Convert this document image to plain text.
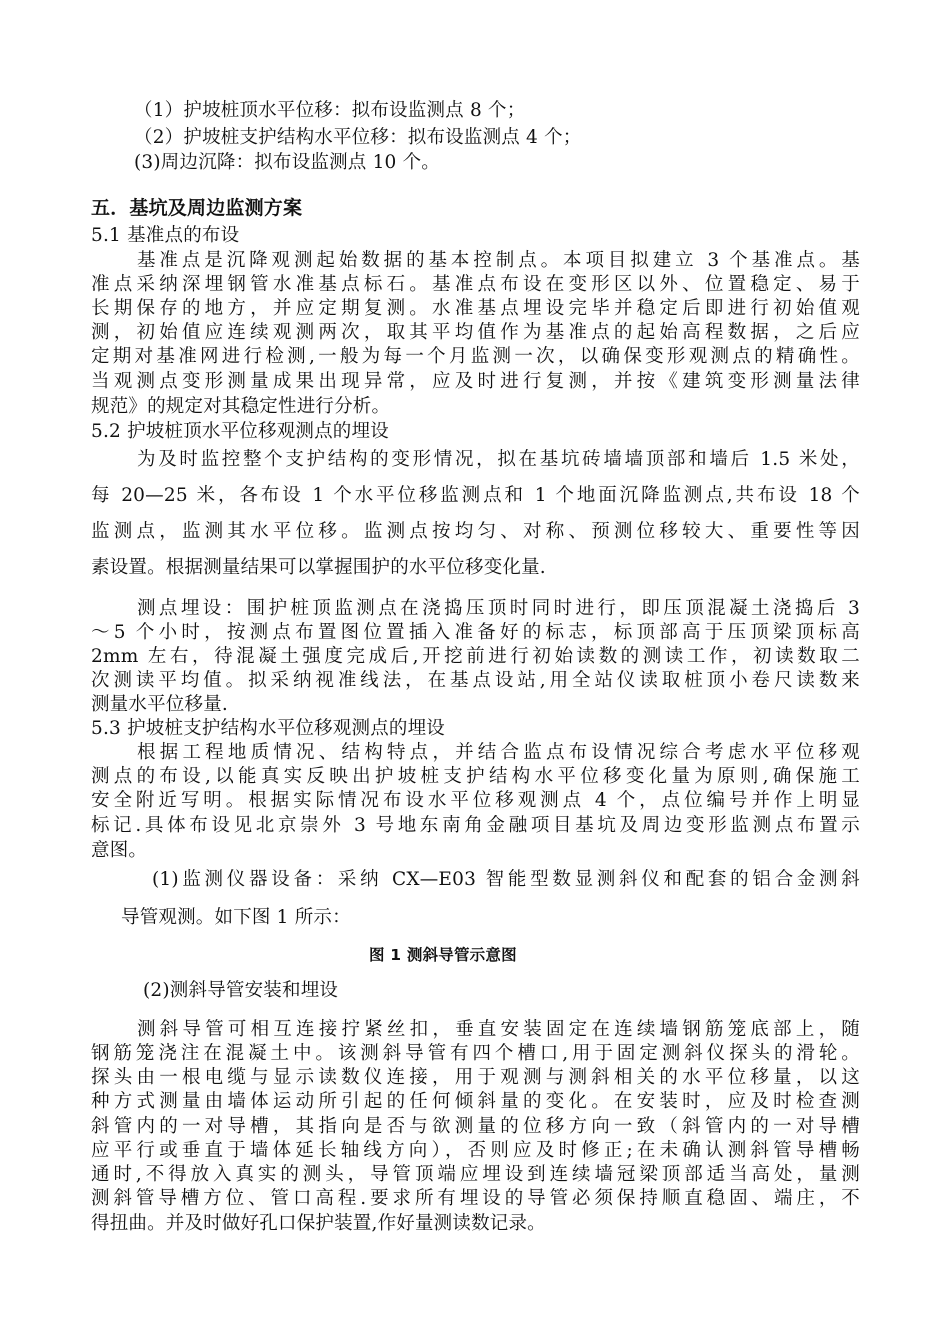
（1）护坡桩顶水平位移：拟布设监测点 8 个；
（2）护坡桩支护结构水平位移：拟布设监测点 4 个；
(3)周边沉降：拟布设监测点 10 个。
五．基坑及周边监测方案
5.1 基准点的布设
基准点是沉降观测起始数据的基本控制点。本项目拟建立 3 个基准点。基
准点采纳深埋钢管水准基点标石。基准点布设在变形区以外、位置稳定、易于
长期保存的地方，并应定期复测。水准基点埋设完毕并稳定后即进行初始值观
测，初始值应连续观测两次，取其平均值作为基准点的起始高程数据，之后应
定期对基准网进行检测,一般为每一个月监测一次，以确保变形观测点的精确性。
当观测点变形测量成果出现异常，应及时进行复测，并按《建筑变形测量法律
规范》的规定对其稳定性进行分析。
5.2 护坡桩顶水平位移观测点的埋设
为及时监控整个支护结构的变形情况，拟在基坑砖墙墙顶部和墙后 1.5 米处，
每 20—25 米，各布设 1 个水平位移监测点和 1 个地面沉降监测点,共布设 18 个
监测点，监测其水平位移。监测点按均匀、对称、预测位移较大、重要性等因
素设置。根据测量结果可以掌握围护的水平位移变化量.
测点埋设：围护桩顶监测点在浇捣压顶时同时进行，即压顶混凝土浇捣后 3
～5 个小时，按测点布置图位置插入准备好的标志，标顶部高于压顶梁顶标高
2mm 左右，待混凝土强度完成后,开挖前进行初始读数的测读工作，初读数取二
次测读平均值。拟采纳视准线法，在基点设站,用全站仪读取桩顶小卷尺读数来
测量水平位移量.
5.3 护坡桩支护结构水平位移观测点的埋设
根据工程地质情况、结构特点，并结合监点布设情况综合考虑水平位移观
测点的布设,以能真实反映出护坡桩支护结构水平位移变化量为原则,确保施工
安全附近写明。根据实际情况布设水平位移观测点 4 个，点位编号并作上明显
标记.具体布设见北京崇外 3 号地东南角金融项目基坑及周边变形监测点布置示
意图。
(1)监测仪器设备：采纳 CX—E03 智能型数显测斜仪和配套的铝合金测斜
导管观测。如下图 1 所示：
图 1 测斜导管示意图
(2)测斜导管安装和埋设
测斜导管可相互连接拧紧丝扣，垂直安装固定在连续墙钢筋笼底部上，随
钢筋笼浇注在混凝土中。该测斜导管有四个槽口,用于固定测斜仪探头的滑轮。
探头由一根电缆与显示读数仪连接，用于观测与测斜相关的水平位移量，以这
种方式测量由墙体运动所引起的任何倾斜量的变化。在安装时，应及时检查测
斜管内的一对导槽，其指向是否与欲测量的位移方向一致（斜管内的一对导槽
应平行或垂直于墙体延长轴线方向），否则应及时修正;在未确认测斜管导槽畅
通时,不得放入真实的测头，导管顶端应埋设到连续墙冠梁顶部适当高处，量测
测斜管导槽方位、管口高程.要求所有埋设的导管必须保持顺直稳固、端庄，不
得扭曲。并及时做好孔口保护装置,作好量测读数记录。
